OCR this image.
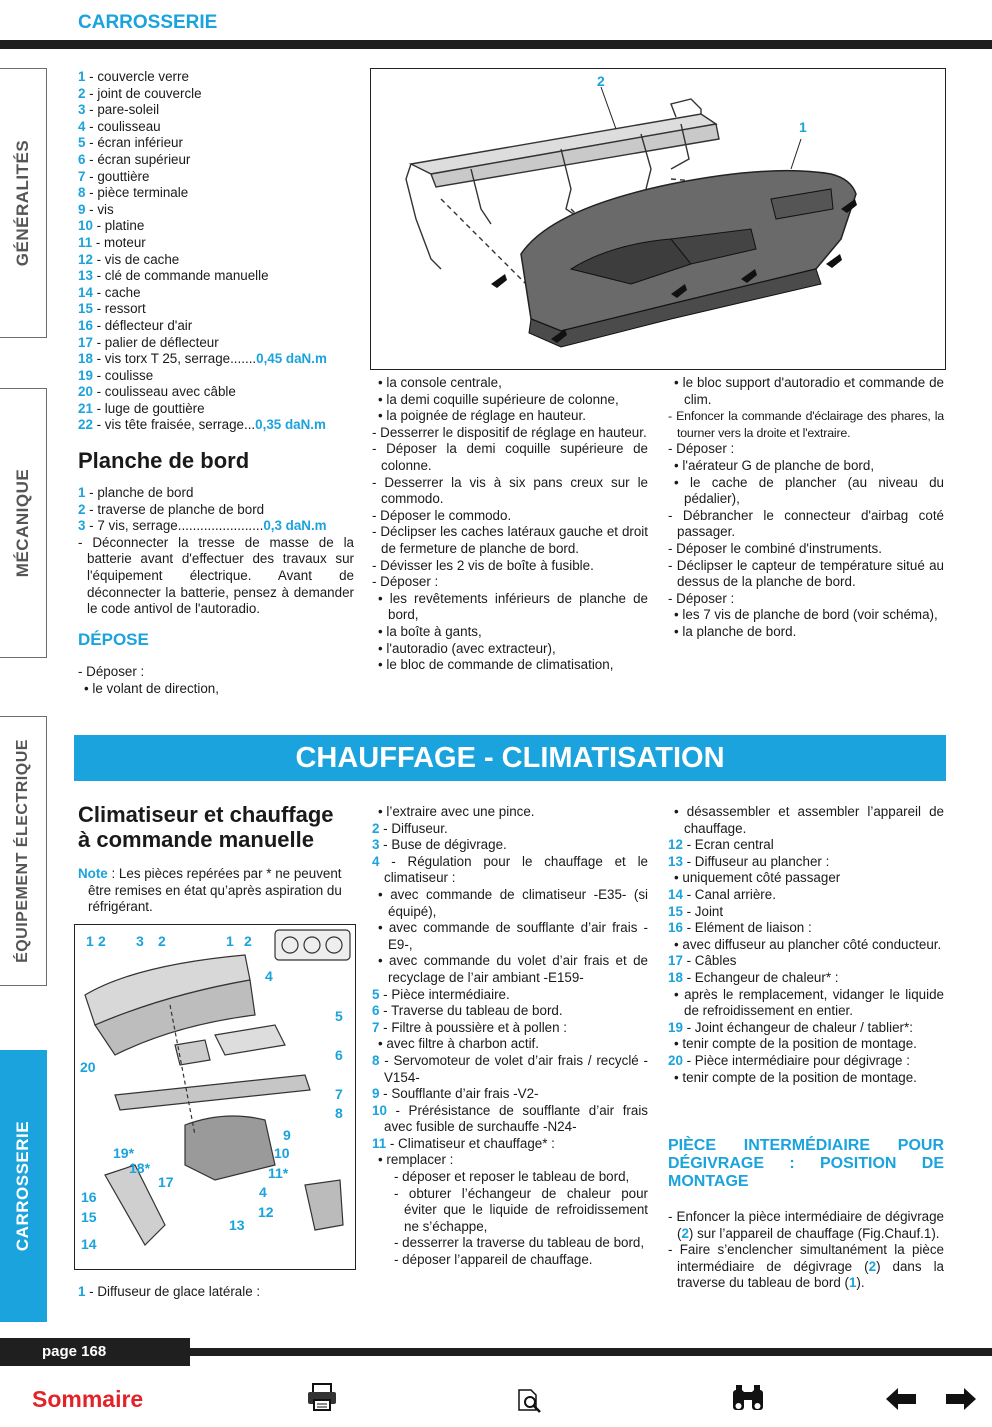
CARROSSERIE
GÉNÉRALITÉS
MÉCANIQUE
ÉQUIPEMENT ÉLECTRIQUE
CARROSSERIE

1 - couvercle verre

2 - joint de couvercle

3 - pare-soleil

4 - coulisseau

5 - écran inférieur

6 - écran supérieur

7 - gouttière

8 - pièce terminale

9 - vis

10 - platine

11 - moteur

12 - vis de cache

13 - clé de commande manuelle

14 - cache

15 - ressort

16 - déflecteur d'air

17 - palier de déflecteur

18 - vis torx T 25, serrage.......0,45 daN.m

19 - coulisse

20 - coulisseau avec câble

21 - luge de gouttière

22 - vis tête fraisée, serrage...0,35 daN.m

Planche de bord

1 - planche de bord

2 - traverse de planche de bord

3 - 7 vis, serrage.......................0,3 daN.m

- Déconnecter la tresse de masse de la batterie avant d'effectuer des travaux sur l'équipement électrique. Avant de déconnecter la batterie, pensez à demander le code antivol de l'autoradio.

DÉPOSE

- Déposer :

• le volant de direction,

2
1

• la console centrale,

• la demi coquille supérieure de colonne,

• la poignée de réglage en hauteur.

- Desserrer le dispositif de réglage en hauteur.

- Déposer la demi coquille supérieure de colonne.

- Desserrer la vis à six pans creux sur le commodo.

- Déposer le commodo.

- Déclipser les caches latéraux gauche et droit de fermeture de planche de bord.

- Dévisser les 2 vis de boîte à fusible.

- Déposer :

• les revêtements inférieurs de planche de bord,

• la boîte à gants,

• l'autoradio (avec extracteur),

• le bloc de commande de climatisation,

• le bloc support d'autoradio et commande de clim.

- Enfoncer la commande d'éclairage des phares, la tourner vers la droite et l'extraire.

- Déposer :

• l'aérateur G de planche de bord,

• le cache de plancher (au niveau du pédalier),

- Débrancher le connecteur d'airbag coté passager.

- Déposer le combiné d'instruments.

- Déclipser le capteur de température situé au dessus de la planche de bord.

- Déposer :

• les 7 vis de planche de bord (voir schéma),

• la planche de bord.

CHAUFFAGE - CLIMATISATION
Climatiseur et chauffage
à commande manuelle

Note : Les pièces repérées par * ne peuvent être remises en état qu’après aspiration du réfrigérant.

1 2 3 2	1 2
4
5
6
20
7
8
9
19*	10
18*	11*
17
4
16
12
15	13
14

1 - Diffuseur de glace latérale :

• l’extraire avec une pince.

2 - Diffuseur.

3 - Buse de dégivrage.

4 - Régulation pour le chauffage et le climatiseur :

• avec commande de climatiseur -E35- (si équipé),

• avec commande de soufflante d’air frais -E9-,

• avec commande du volet d’air frais et de recyclage de l’air ambiant -E159-

5 - Pièce intermédiaire.

6 - Traverse du tableau de bord.

7 - Filtre à poussière et à pollen :

• avec filtre à charbon actif.

8 - Servomoteur de volet d’air frais / recyclé -V154-

9 - Soufflante d’air frais -V2-

10 - Prérésistance de soufflante d’air frais avec fusible de surchauffe -N24-

11 - Climatiseur et chauffage* :

• remplacer :

- déposer et reposer le tableau de bord,

- obturer l’échangeur de chaleur pour éviter que le liquide de refroidissement ne s’échappe,

- desserrer la traverse du tableau de bord,

- déposer l’appareil de chauffage.

• désassembler et assembler l’appareil de chauffage.

12 - Ecran central

13 - Diffuseur au plancher :

• uniquement côté passager

14 - Canal arrière.

15 - Joint

16 - Elément de liaison :

• avec diffuseur au plancher côté conducteur.

17 - Câbles

18 - Echangeur de chaleur* :

• après le remplacement, vidanger le liquide de refroidissement en entier.

19 - Joint échangeur de chaleur / tablier*:

• tenir compte de la position de montage.

20 - Pièce intermédiaire pour dégivrage :

• tenir compte de la position de montage.

PIÈCE INTERMÉDIAIRE POUR DÉGIVRAGE : POSITION DE MONTAGE

- Enfoncer la pièce intermédiaire de dégivrage (2) sur l’appareil de chauffage (Fig.Chauf.1).

- Faire s’enclencher simultanément la pièce intermédiaire de dégivrage (2) dans la traverse du tableau de bord (1).

page 168
Sommaire
